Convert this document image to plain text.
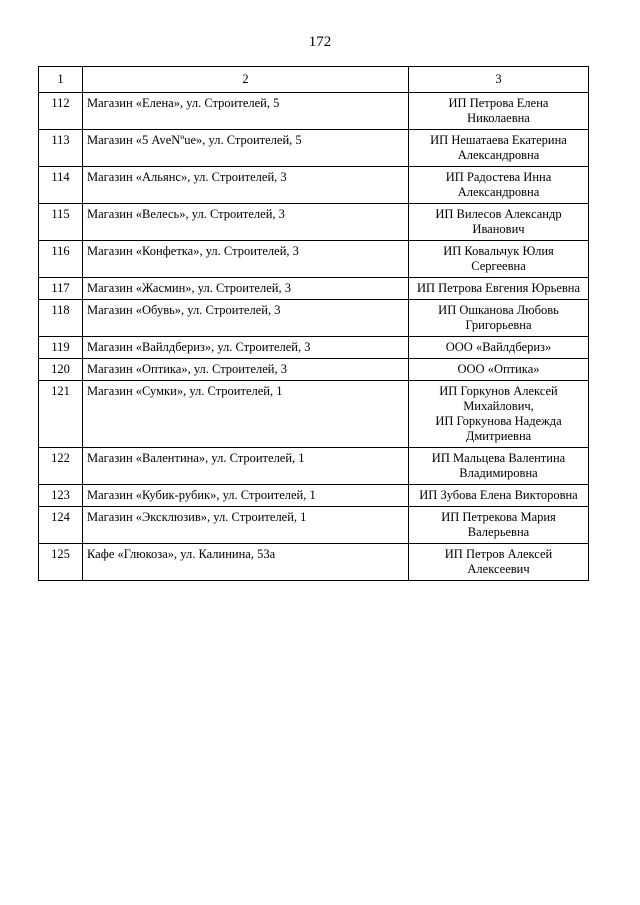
172
1	2	3
112	Магазин «Елена», ул. Строителей, 5	ИП Петрова Елена
Николаевна

113	Магазин «5 AveNºue», ул. Строителей, 5	ИП Нешатаева Екатерина
Александровна

114	Магазин «Альянс», ул. Строителей, 3	ИП Радостева Инна
Александровна

115	Магазин «Велесь», ул. Строителей, 3	ИП Вилесов Александр
Иванович

116	Магазин «Конфетка», ул. Строителей, 3	ИП Ковальчук Юлия
Сергеевна

117	Магазин «Жасмин», ул. Строителей, 3	ИП Петрова Евгения Юрьевна

118	Магазин «Обувь», ул. Строителей, 3	ИП Ошканова Любовь
Григорьевна

119	Магазин «Вайлдбериз», ул. Строителей, 3	ООО «Вайлдбериз»

120	Магазин «Оптика», ул. Строителей, 3	ООО «Оптика»

121	Магазин «Сумки», ул. Строителей, 1	ИП Горкунов Алексей
Михайлович,
ИП Горкунова Надежда
Дмитриевна

122	Магазин «Валентина», ул. Строителей, 1	ИП Мальцева Валентина
Владимировна

123	Магазин «Кубик-рубик», ул. Строителей, 1	ИП Зубова Елена Викторовна

124	Магазин «Эксклюзив», ул. Строителей, 1	ИП Петрекова Мария
Валерьевна

125	Кафе «Глюкоза», ул. Калинина, 53а	ИП Петров Алексей
Алексеевич
